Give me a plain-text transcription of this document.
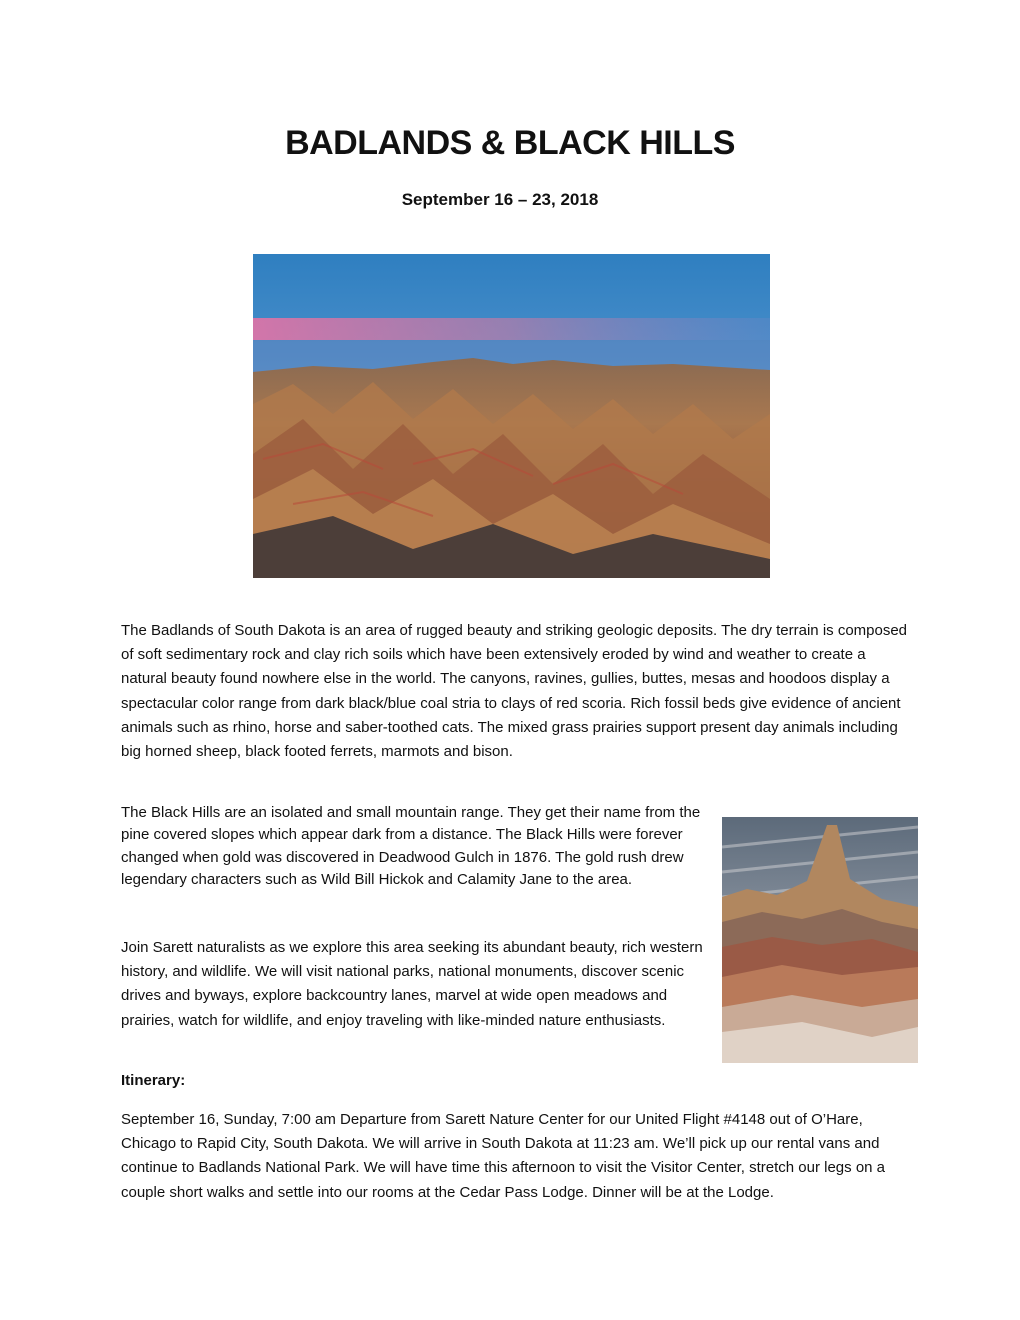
BADLANDS & BLACK HILLS

September 16 – 23, 2018

The Badlands of South Dakota is an area of rugged beauty and striking geologic deposits. The dry terrain is composed of soft sedimentary rock and clay rich soils which have been extensively eroded by wind and weather to create a natural beauty found nowhere else in the world. The canyons, ravines, gullies, buttes, mesas and hoodoos display a spectacular color range from dark black/blue coal stria to clays of red scoria. Rich fossil beds give evidence of ancient animals such as rhino, horse and saber-toothed cats. The mixed grass prairies support present day animals including big horned sheep, black footed ferrets, marmots and bison.

The Black Hills are an isolated and small mountain range. They get their name from the pine covered slopes which appear dark from a distance. The Black Hills were forever changed when gold was discovered in Deadwood Gulch in 1876. The gold rush drew legendary characters such as Wild Bill Hickok and Calamity Jane to the area.

Join Sarett naturalists as we explore this area seeking its abundant beauty, rich western history, and wildlife. We will visit national parks, national monuments, discover scenic drives and byways, explore backcountry lanes, marvel at wide open meadows and prairies, watch for wildlife, and enjoy traveling with like-minded nature enthusiasts.

Itinerary:

September 16, Sunday, 7:00 am Departure from Sarett Nature Center for our United Flight #4148 out of O’Hare, Chicago to Rapid City, South Dakota. We will arrive in South Dakota at 11:23 am. We’ll pick up our rental vans and continue to Badlands National Park. We will have time this afternoon to visit the Visitor Center, stretch our legs on a couple short walks and settle into our rooms at the Cedar Pass Lodge. Dinner will be at the Lodge.
